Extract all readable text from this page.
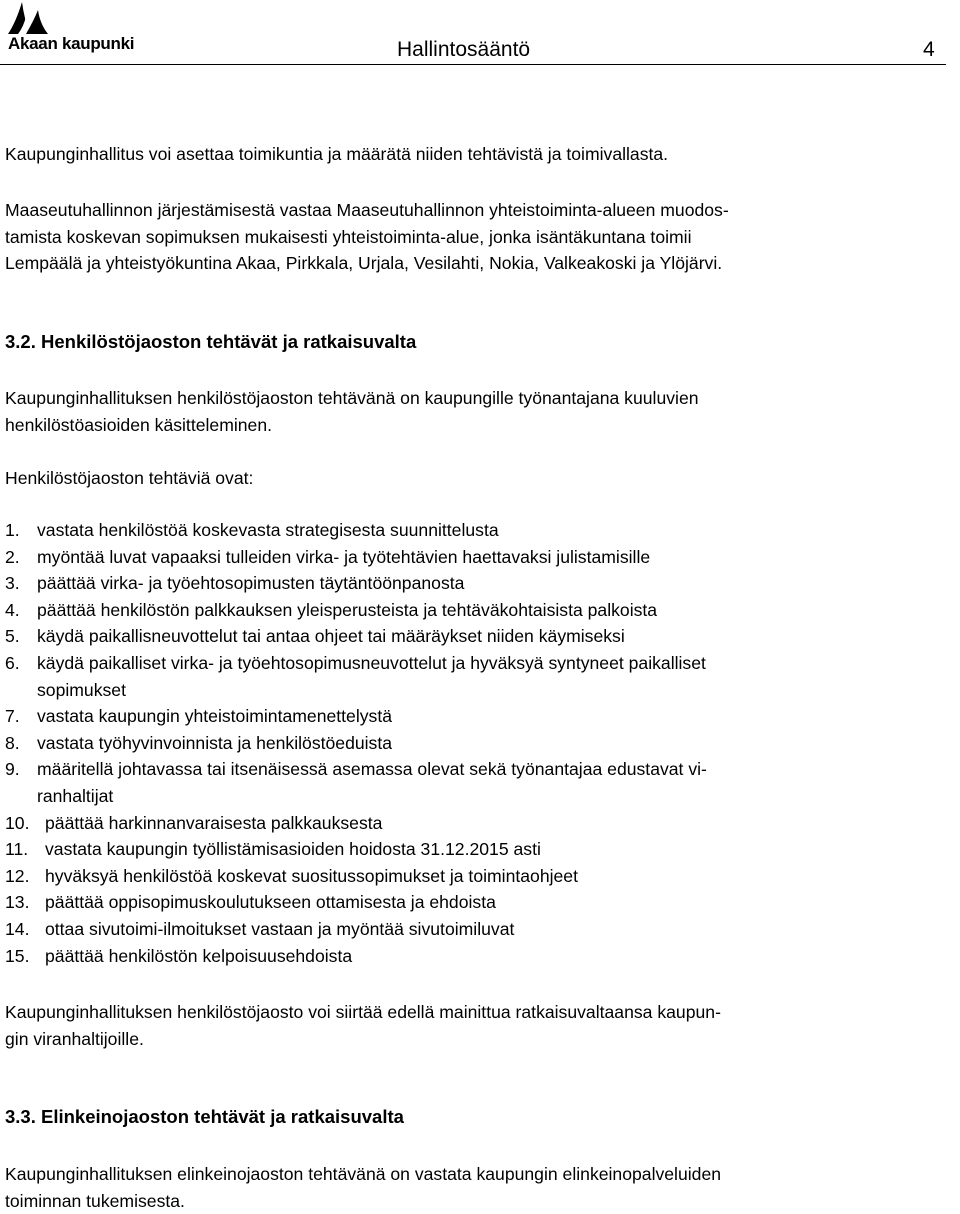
Akaan kaupunki	Hallintosääntö	4
Kaupunginhallitus voi asettaa toimikuntia ja määrätä niiden tehtävistä ja toimivallasta.
Maaseutuhallinnon järjestämisestä vastaa Maaseutuhallinnon yhteistoiminta-alueen muodos-
tamista koskevan sopimuksen mukaisesti yhteistoiminta-alue, jonka isäntäkuntana toimii
Lempäälä ja yhteistyökuntina Akaa, Pirkkala, Urjala, Vesilahti, Nokia, Valkeakoski ja Ylöjärvi.
3.2. Henkilöstöjaoston tehtävät ja ratkaisuvalta
Kaupunginhallituksen henkilöstöjaoston tehtävänä on kaupungille työnantajana kuuluvien
henkilöstöasioiden käsitteleminen.
Henkilöstöjaoston tehtäviä ovat:
1. vastata henkilöstöä koskevasta strategisesta suunnittelusta
2. myöntää luvat vapaaksi tulleiden virka- ja työtehtävien haettavaksi julistamisille
3. päättää virka- ja työehtosopimusten täytäntöönpanosta
4. päättää henkilöstön palkkauksen yleisperusteista ja tehtäväkohtaisista palkoista
5. käydä paikallisneuvottelut tai antaa ohjeet tai määräykset niiden käymiseksi
6. käydä paikalliset virka- ja työehtosopimusneuvottelut ja hyväksyä syntyneet paikalliset
sopimukset
7. vastata kaupungin yhteistoimintamenettelystä
8. vastata työhyvinvoinnista ja henkilöstöeduista
9. määritellä johtavassa tai itsenäisessä asemassa olevat sekä työnantajaa edustavat vi-
ranhaltijat
10. päättää harkinnanvaraisesta palkkauksesta
11. vastata kaupungin työllistämisasioiden hoidosta 31.12.2015 asti
12. hyväksyä henkilöstöä koskevat suositussopimukset ja toimintaohjeet
13. päättää oppisopimuskoulutukseen ottamisesta ja ehdoista
14. ottaa sivutoimi-ilmoitukset vastaan ja myöntää sivutoimiluvat
15. päättää henkilöstön kelpoisuusehdoista
Kaupunginhallituksen henkilöstöjaosto voi siirtää edellä mainittua ratkaisuvaltaansa kaupun-
gin viranhaltijoille.
3.3. Elinkeinojaoston tehtävät ja ratkaisuvalta
Kaupunginhallituksen elinkeinojaoston tehtävänä on vastata kaupungin elinkeinopalveluiden
toiminnan tukemisesta.
